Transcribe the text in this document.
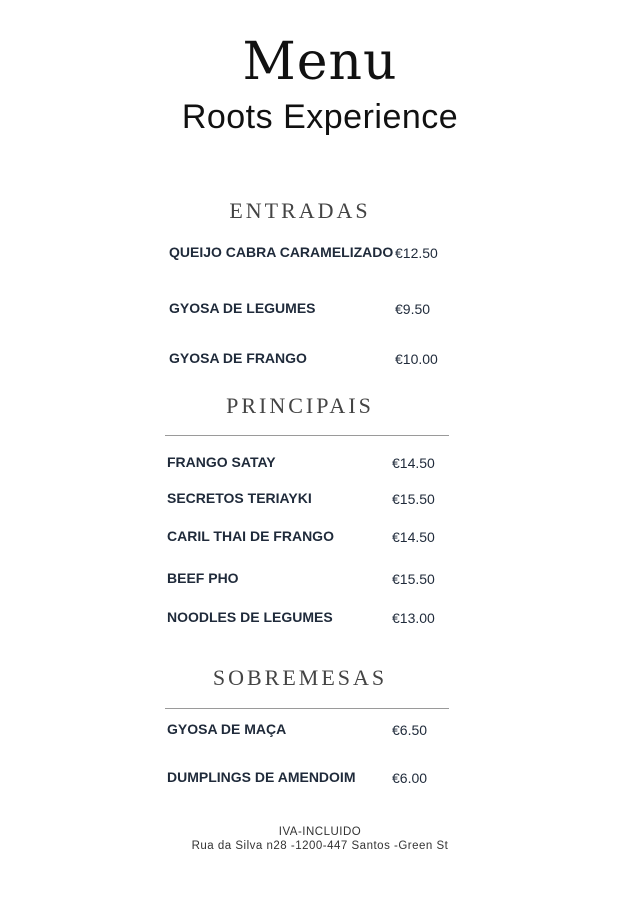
Menu
Roots Experience
ENTRADAS
QUEIJO CABRA CARAMELIZADO €12.50
GYOSA DE LEGUMES	€9.50
GYOSA DE FRANGO	€10.00
PRINCIPAIS
FRANGO SATAY	€14.50
SECRETOS TERIAYKI	€15.50
CARIL THAI DE FRANGO	€14.50
BEEF PHO	€15.50
NOODLES DE LEGUMES	€13.00
SOBREMESAS
GYOSA DE MAÇA	€6.50
DUMPLINGS DE AMENDOIM	€6.00
IVA-INCLUIDO
Rua da Silva n28 -1200-447 Santos -Green St
